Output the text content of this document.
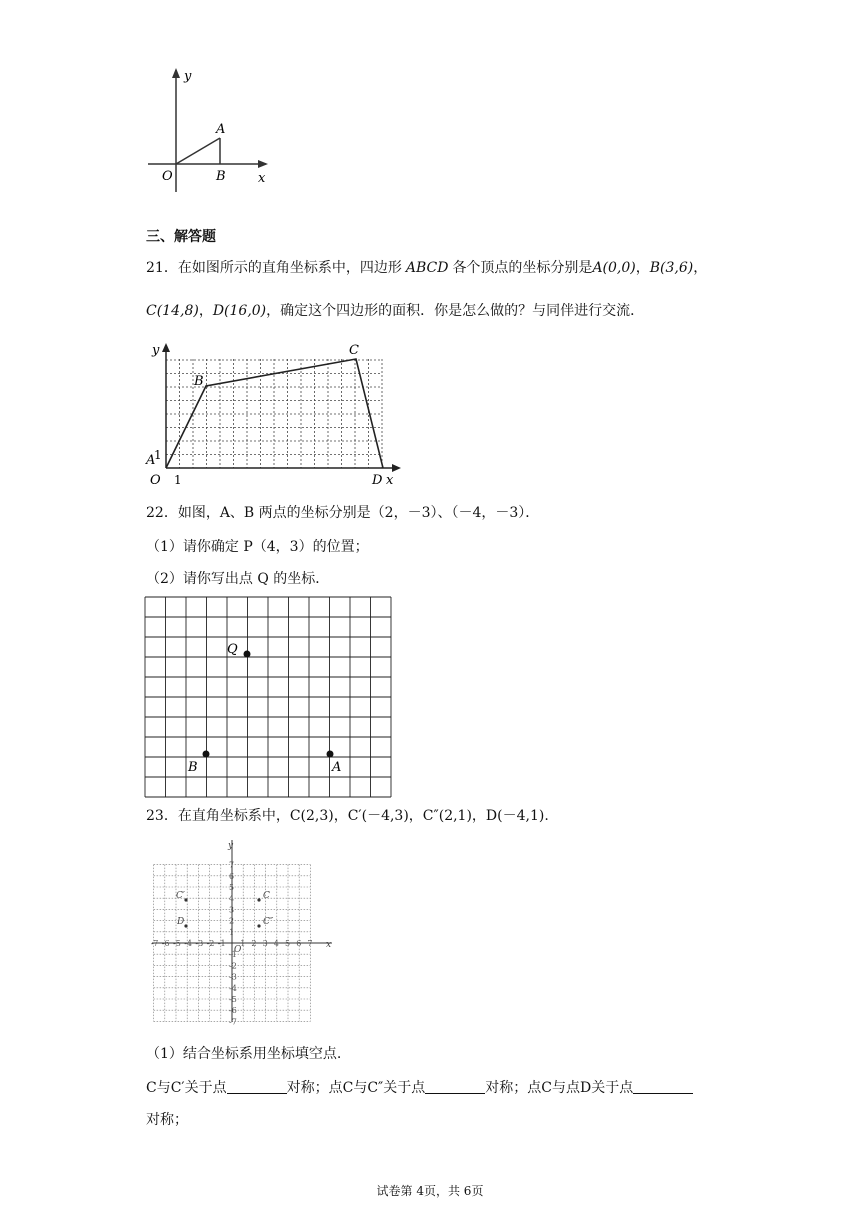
y
A
O	B x
三、解答题
21．在如图所示的直角坐标系中，四边形 ABCD 各个顶点的坐标分别是A(0,0)，B(3,6)，
C(14,8)，D(16,0)，确定这个四边形的面积．你是怎么做的？与同伴进行交流．
y
B
C
1
A
O 1	D x
22．如图，A、B 两点的坐标分别是（2，－3）、（－4，－3）．
（1）请你确定 P（4，3）的位置；
（2）请你写出点 Q 的坐标．
Q
B	A
23．在直角坐标系中，C(2,3)，C′(－4,3)，C″(2,1)，D(－4,1).
-7 -6 -5 -4 -3 -2 -1 1 2 3 4 5 6 7
7
6
5
4
3
2
1
-1
-2
-3
-4
-5
-6
-7
C
C′
C″
D
O	x
y
（1）结合坐标系用坐标填空点.
C与C′关于点	对称；点C与C″关于点	对称；点C与点D关于点
对称；
试卷第 4页，共 6页
